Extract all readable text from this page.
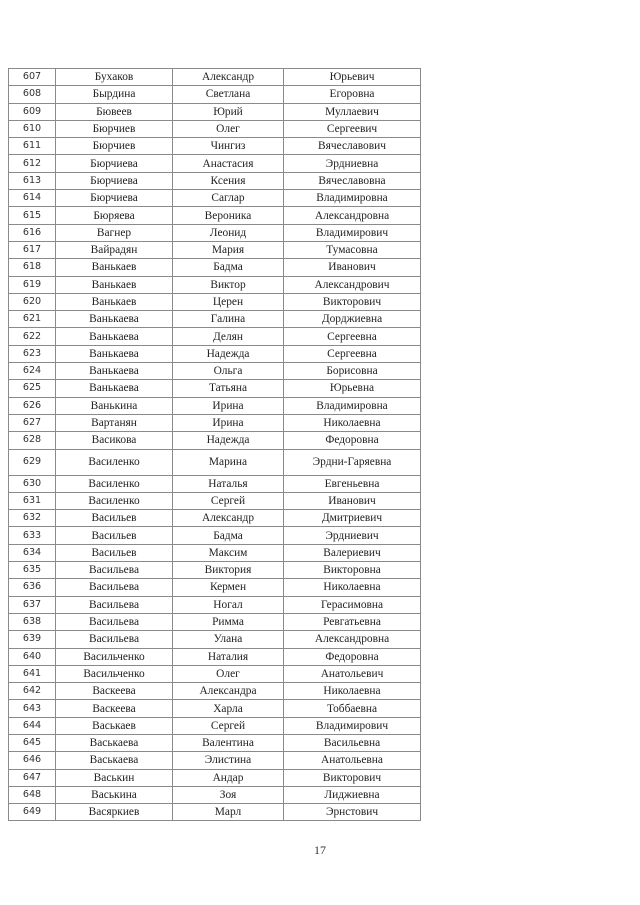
607	Бухаков	Александр	Юрьевич
608	Бырдина	Светлана	Егоровна
609	Бювеев	Юрий	Муллаевич
610	Бюрчиев	Олег	Сергеевич
611	Бюрчиев	Чингиз	Вячеславович
612	Бюрчиева	Анастасия	Эрдниевна
613	Бюрчиева	Ксения	Вячеславовна
614	Бюрчиева	Саглар	Владимировна
615	Бюряева	Вероника	Александровна
616	Вагнер	Леонид	Владимирович
617	Вайрадян	Мария	Тумасовна
618	Ванькаев	Бадма	Иванович
619	Ванькаев	Виктор	Александрович
620	Ванькаев	Церен	Викторович
621	Ванькаева	Галина	Дорджиевна
622	Ванькаева	Делян	Сергеевна
623	Ванькаева	Надежда	Сергеевна
624	Ванькаева	Ольга	Борисовна
625	Ванькаева	Татьяна	Юрьевна
626	Ванькина	Ирина	Владимировна
627	Вартанян	Ирина	Николаевна
628	Васикова	Надежда	Федоровна
629	Василенко	Марина	Эрдни-Гаряевна
630	Василенко	Наталья	Евгеньевна
631	Василенко	Сергей	Иванович
632	Васильев	Александр	Дмитриевич
633	Васильев	Бадма	Эрдниевич
634	Васильев	Максим	Валериевич
635	Васильева	Виктория	Викторовна
636	Васильева	Кермен	Николаевна
637	Васильева	Ногал	Герасимовна
638	Васильева	Римма	Ревгатьевна
639	Васильева	Улана	Александровна
640	Васильченко	Наталия	Федоровна
641	Васильченко	Олег	Анатольевич
642	Васкеева	Александра	Николаевна
643	Васкеева	Харла	Тоббаевна
644	Васькаев	Сергей	Владимирович
645	Васькаева	Валентина	Васильевна
646	Васькаева	Элистина	Анатольевна
647	Васькин	Андар	Викторович
648	Васькина	Зоя	Лиджиевна
649	Васяркиев	Марл	Эрнстович
17
